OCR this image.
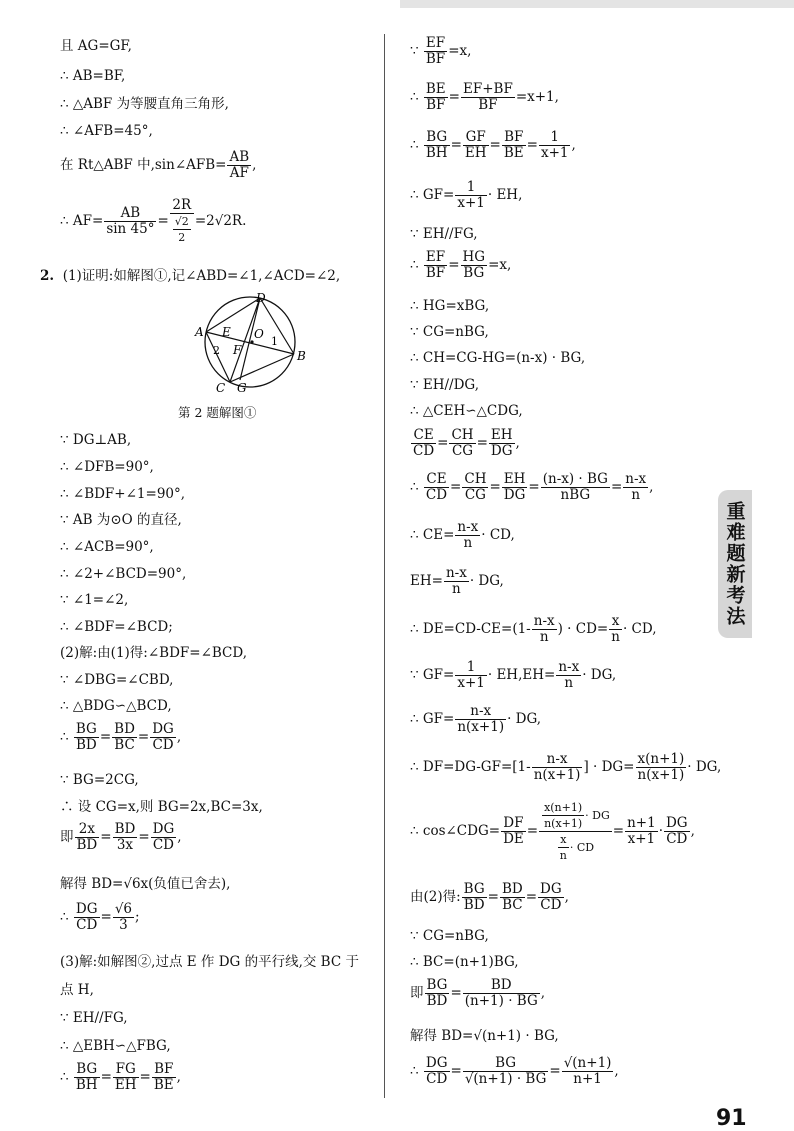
且 AG=GF,
∴ AB=BF,
∴ △ABF 为等腰直角三角形,
∴ ∠AFB=45°,
在 Rt△ABF 中,sin∠AFB= $\frac{AB}{AF}$ ,
∴ $AF= \frac{AB}{\sin 45^\circ} = \frac{2R}{\frac{√2}{2}} =2√2R$.
2. (1)证明:如解图①,记∠ABD=∠1,∠ACD=∠2,
D
A E O
1
2 F
C G
B
第 2 题解图①
∵ DG⊥AB,
∴ ∠DFB=90°,
∴ ∠BDF+∠1=90°,
∵ AB 为⊙O 的直径,
∴ ∠ACB=90°,
∴ ∠2+∠BCD=90°,
∵ ∠1=∠2,
∴ ∠BDF=∠BCD;
(2)解:由(1)得:∠BDF=∠BCD,
∵ ∠DBG=∠CBD,
∴ △BDG∽△BCD,
∴ $\frac{BG}{BD} = \frac{BD}{BC} = \frac{DG}{CD}$ ,
∵ BG=2CG,
∴ 设 CG=x,则 BG=2x,BC=3x,
即 $\frac{2x}{BD} = \frac{BD}{3x} = \frac{DG}{CD}$ ,
解得 BD=√6x(负值已舍去),
∴ $\frac{DG}{CD} = \frac{√6}{3}$ ;
(3)解:如解图②,过点 E 作 DG 的平行线,交 BC 于
点 H,
∵ EH//FG,
∴ △EBH∽△FBG,
∴ $\frac{BG}{BH} = \frac{FG}{EH} = \frac{BF}{BE}$ ,
∵ $\frac{EF}{BF} =x$,
∴ $\frac{BE}{BF} = \frac{EF+BF}{BF} =x+1$,
∴ $\frac{BG}{BH} = \frac{GF}{EH} = \frac{BF}{BE} = \frac{1}{x+1}$ ,
∴ $GF= \frac{1}{x+1}$ · EH,
∵ EH//FG,
∴ $\frac{EF}{BF} = \frac{HG}{BG} =x$,
∴ HG=xBG,
∵ CG=nBG,
∴ CH=CG-HG=(n-x) · BG,
∵ EH//DG,
∴ △CEH∽△CDG,
$\frac{CE}{CD} = \frac{CH}{CG} = \frac{EH}{DG}$ ,
∴ $\frac{CE}{CD} = \frac{CH}{CG} = \frac{EH}{DG} = \frac{(n-x) \cdot BG}{\text{nBG}} = \frac{n-x}{n}$ ,
∴ $CE= \frac{n-x}{n}$ · CD,
$EH= \frac{n-x}{n}$ · DG,
∴ $DE=CD-CE=(1- \frac{n-x}{n}$ ) · $CD= \frac{x}{n}$ · CD,
∵ $GF= \frac{1}{x+1} \cdot EH,EH= \frac{n-x}{n}$ · DG,
∴ $GF= \frac{n-x}{n(x+1)}$ · DG,
∴ $DF=DG-GF=[1- \frac{n-x}{n(x+1)}$ ] · $DG= \frac{x(n+1)}{n(x+1)}$ · DG,
∴ cos∠CDG= $\frac{DF}{DE} = \frac{\frac{x(n+1)}{n(x+1)} \cdot DG}{\frac{x}{n} \cdot CD} = \frac{n+1}{x+1} \cdot \frac{DG}{CD}$ ,
由(2)得: $\frac{BG}{BD} = \frac{BD}{BC} = \frac{DG}{CD}$ ,
∵ CG=nBG,
∴ BC=(n+1)BG,
即 $\frac{BG}{BD} = \frac{BD}{(n+1) \cdot BG}$ ,
解得 BD=√(n+1) · BG,
∴ $\frac{DG}{CD} = \frac{BG}{√(n+1) \cdot BG} = \frac{√(n+1)}{n+1}$ ,
重难题新考法
91
